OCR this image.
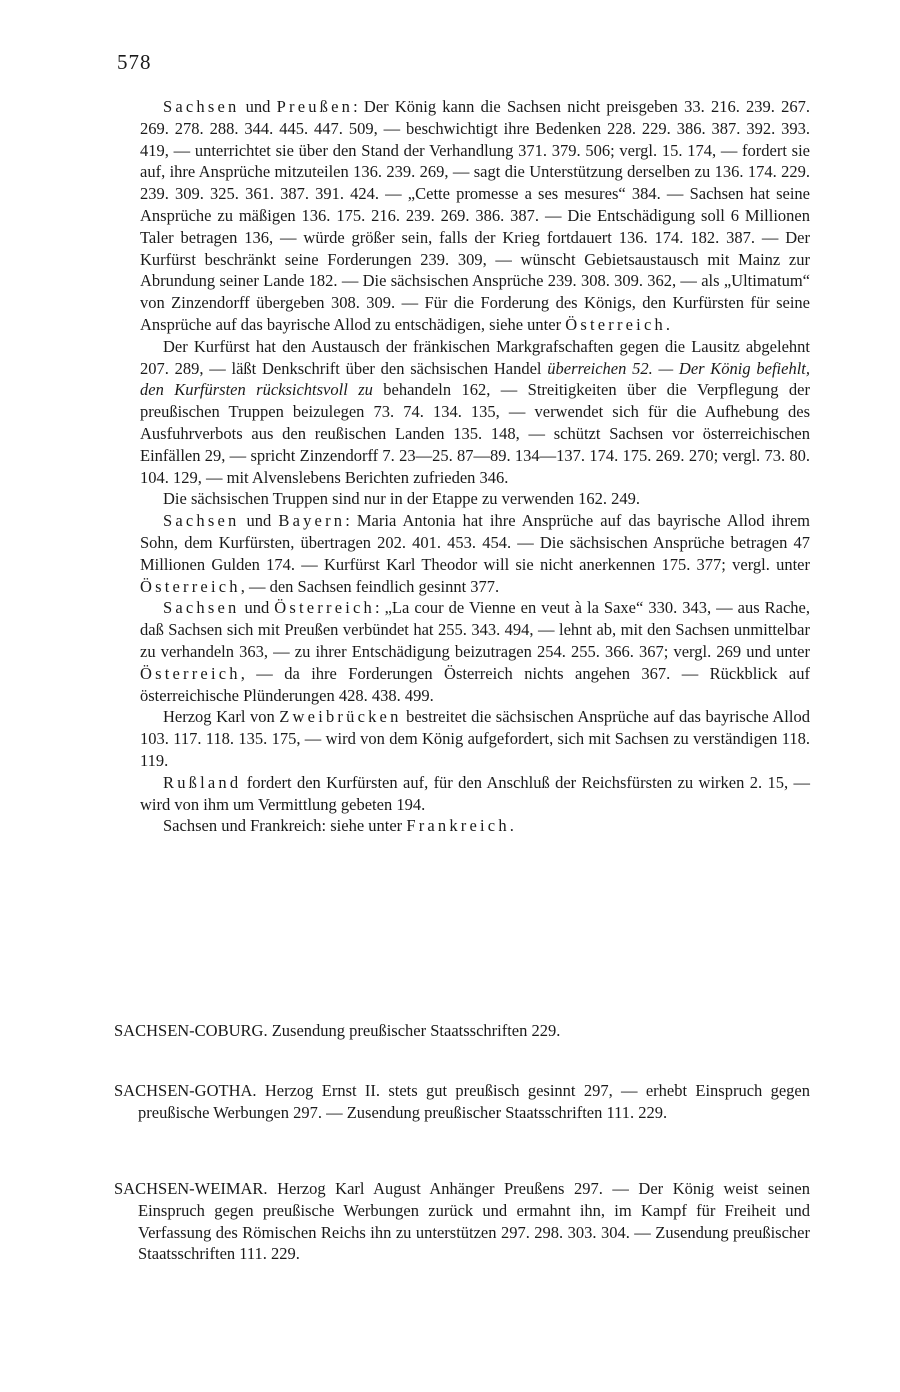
578

Sachsen und Preußen: Der König kann die Sachsen nicht preisgeben 33. 216. 239. 267. 269. 278. 288. 344. 445. 447. 509, — beschwichtigt ihre Bedenken 228. 229. 386. 387. 392. 393. 419, — unterrichtet sie über den Stand der Verhandlung 371. 379. 506; vergl. 15. 174, — fordert sie auf, ihre Ansprüche mitzuteilen 136. 239. 269, — sagt die Unterstützung derselben zu 136. 174. 229. 239. 309. 325. 361. 387. 391. 424. — „Cette promesse a ses mesures“ 384. — Sachsen hat seine Ansprüche zu mäßigen 136. 175. 216. 239. 269. 386. 387. — Die Entschädigung soll 6 Millionen Taler betragen 136, — würde größer sein, falls der Krieg fortdauert 136. 174. 182. 387. — Der Kurfürst beschränkt seine Forderungen 239. 309, — wünscht Gebietsaustausch mit Mainz zur Abrundung seiner Lande 182. — Die sächsischen Ansprüche 239. 308. 309. 362, — als „Ultimatum“ von Zinzendorff übergeben 308. 309. — Für die Forderung des Königs, den Kurfürsten für seine Ansprüche auf das bayrische Allod zu entschädigen, siehe unter Österreich.

Der Kurfürst hat den Austausch der fränkischen Markgrafschaften gegen die Lausitz abgelehnt 207. 289, — läßt Denkschrift über den sächsischen Handel überreichen 52. — Der König befiehlt, den Kurfürsten rücksichtsvoll zu behandeln 162, — Streitigkeiten über die Verpflegung der preußischen Truppen beizulegen 73. 74. 134. 135, — verwendet sich für die Aufhebung des Ausfuhrverbots aus den reußischen Landen 135. 148, — schützt Sachsen vor österreichischen Einfällen 29, — spricht Zinzendorff 7. 23—25. 87—89. 134—137. 174. 175. 269. 270; vergl. 73. 80. 104. 129, — mit Alvenslebens Berichten zufrieden 346.

Die sächsischen Truppen sind nur in der Etappe zu verwenden 162. 249.

Sachsen und Bayern: Maria Antonia hat ihre Ansprüche auf das bayrische Allod ihrem Sohn, dem Kurfürsten, übertragen 202. 401. 453. 454. — Die sächsischen Ansprüche betragen 47 Millionen Gulden 174. — Kurfürst Karl Theodor will sie nicht anerkennen 175. 377; vergl. unter Österreich, — den Sachsen feindlich gesinnt 377.

Sachsen und Österreich: „La cour de Vienne en veut à la Saxe“ 330. 343, — aus Rache, daß Sachsen sich mit Preußen verbündet hat 255. 343. 494, — lehnt ab, mit den Sachsen unmittelbar zu verhandeln 363, — zu ihrer Entschädigung beizutragen 254. 255. 366. 367; vergl. 269 und unter Österreich, — da ihre Forderungen Österreich nichts angehen 367. — Rückblick auf österreichische Plünderungen 428. 438. 499.

Herzog Karl von Zweibrücken bestreitet die sächsischen Ansprüche auf das bayrische Allod 103. 117. 118. 135. 175, — wird von dem König aufgefordert, sich mit Sachsen zu verständigen 118. 119.

Rußland fordert den Kurfürsten auf, für den Anschluß der Reichsfürsten zu wirken 2. 15, — wird von ihm um Vermittlung gebeten 194.

Sachsen und Frankreich: siehe unter Frankreich.

SACHSEN-COBURG. Zusendung preußischer Staatsschriften 229.
SACHSEN-GOTHA. Herzog Ernst II. stets gut preußisch gesinnt 297, — erhebt Einspruch gegen preußische Werbungen 297. — Zusendung preußischer Staatsschriften 111. 229.
SACHSEN-WEIMAR. Herzog Karl August Anhänger Preußens 297. — Der König weist seinen Einspruch gegen preußische Werbungen zurück und ermahnt ihn, im Kampf für Freiheit und Verfassung des Römischen Reichs ihn zu unterstützen 297. 298. 303. 304. — Zusendung preußischer Staatsschriften 111. 229.
